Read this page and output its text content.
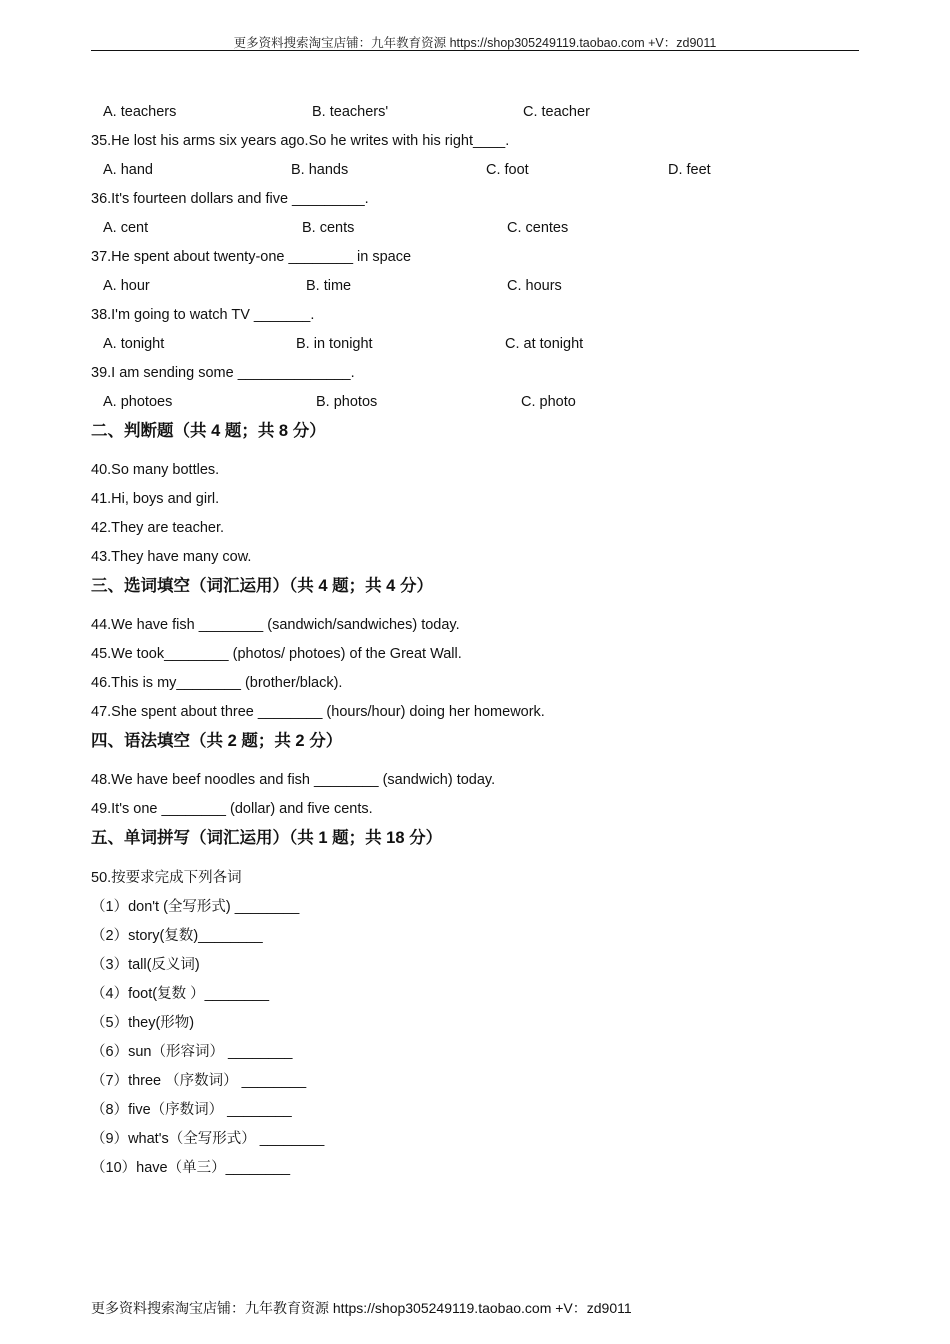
更多资料搜索淘宝店铺：九年教育资源 https://shop305249119.taobao.com +V：zd9011
A. teachers	B. teachers'	C. teacher
35.He lost his arms six years ago.So he writes with his right____.
A. hand	B. hands	C. foot	D. feet
36.It's fourteen dollars and five _________.
A. cent	B. cents	C. centes
37.He spent about twenty-one ________ in space
A. hour	B. time	C. hours
38.I'm going to watch TV _______.
A. tonight	B. in tonight	C. at tonight
39.I am sending some ______________.
A. photoes	B. photos	C. photo
二、判断题（共 4 题；共 8 分）
40.So many bottles.
41.Hi, boys and girl.
42.They are teacher.
43.They have many cow.
三、选词填空（词汇运用）（共 4 题；共 4 分）
44.We have fish ________ (sandwich/sandwiches) today.
45.We took________ (photos/ photoes) of the Great Wall.
46.This is my________ (brother/black).
47.She spent about three ________ (hours/hour) doing her homework.
四、语法填空（共 2 题；共 2 分）
48.We have beef noodles and fish ________ (sandwich) today.
49.It's one ________ (dollar) and five cents.
五、单词拼写（词汇运用）（共 1 题；共 18 分）
50.按要求完成下列各词
（1）don't (全写形式) ________
（2）story(复数)________
（3）tall(反义词)
（4）foot(复数 ）________
（5）they(形物)
（6）sun（形容词） ________
（7）three （序数词） ________
（8）five（序数词） ________
（9）what's（全写形式） ________
（10）have（单三）________
更多资料搜索淘宝店铺：九年教育资源 https://shop305249119.taobao.com +V：zd9011
